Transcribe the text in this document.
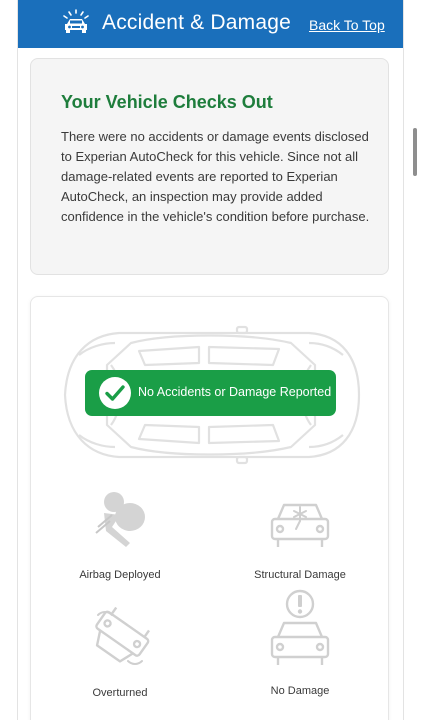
Accident & Damage Back To Top
Your Vehicle Checks Out
There were no accidents or damage events disclosed to Experian AutoCheck for this vehicle. Since not all damage-related events are reported to Experian AutoCheck, an inspection may provide added confidence in the vehicle's condition before purchase.
No Accidents or Damage Reported
Airbag Deployed	Structural Damage
Overturned	No Damage
